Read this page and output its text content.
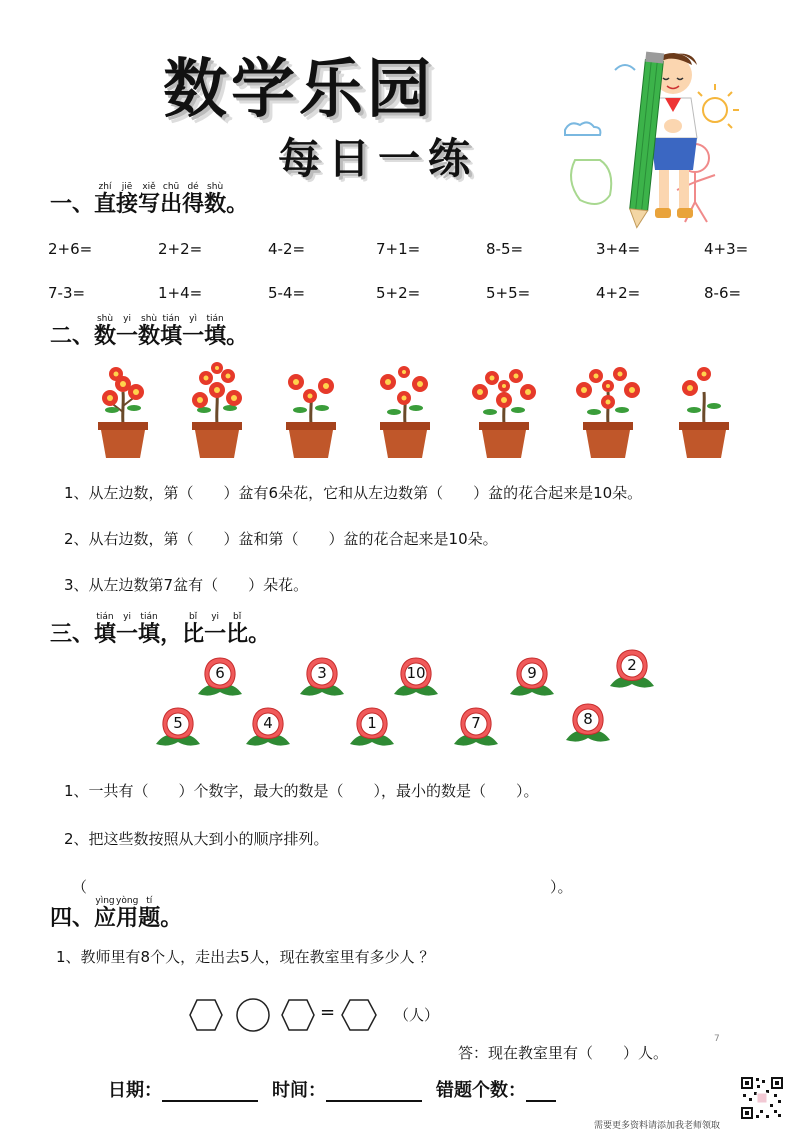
数学乐园
每日一练
一、
zhí
直
jiē
接
xiě
写
chū
出
dé
得
shù
数 。
2+6=	2+2=	4-2=	7+1=	8-5=	3+4=	4+3=
7-3=	1+4=	5-4=	5+2=	5+5=	4+2=	8-6=
二、
shù
数
yi
一
shù
数
tián
填
yì
一
tián
填 。
1、从左边数，第（　　）盆有6朵花，它和从左边数第（　　）盆的花合起来是10朵。
2、从右边数，第（　　）盆和第（　　）盆的花合起来是10朵。
3、从左边数第7盆有（　　）朵花。
三、
tián
填
yi
一
tián
填 ，
bǐ
比
yi
一
bǐ
比 。
6	3	10	9	2
5	4	1	7	8
1、一共有（　　）个数字，最大的数是（　　），最小的数是（　　）。
2、把这些数按照从大到小的顺序排列。
（	）。
四、
yìng
应
yòng
用
tí
题 。
1、教师里有8个人，走出去5人，现在教室里有多少人 ？
=	（人）
7
答：现在教室里有（　　）人。
日期：	时间：	错题个数：
需要更多资料请添加我老师领取
